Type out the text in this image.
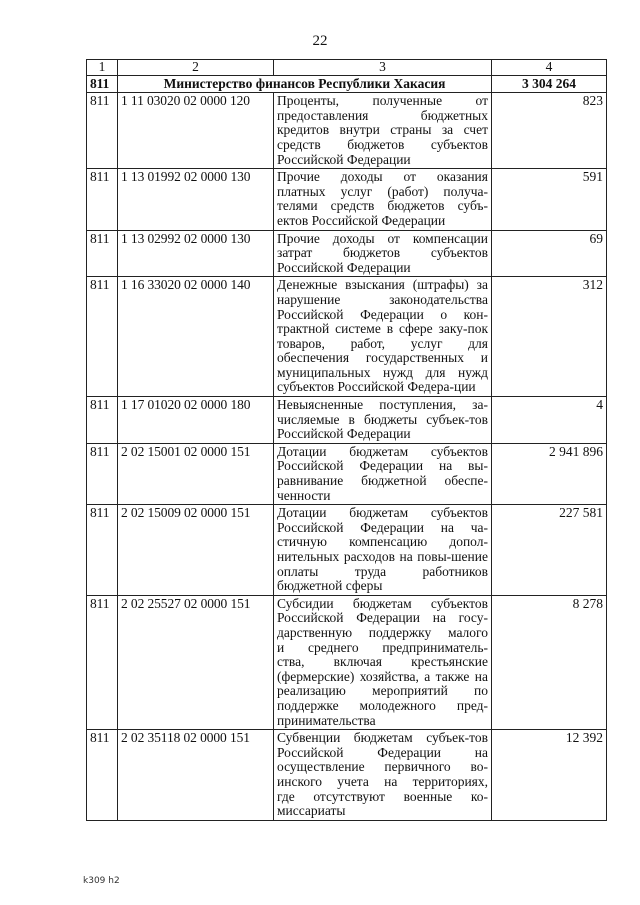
22
1	2	3	4
811	Министерство финансов Республики Хакасия		3 304 264
811	1 11 03020 02 0000 120	Проценты,    полученные    от предоставления      бюджетных кредитов внутри страны за счет средств    бюджетов    субъектов Российской Федерации	823
811	1 13 01992 02 0000 130	Прочие  доходы  от  оказания платных  услуг  (работ)  получа-телями средств бюджетов субъ-ектов Российской Федерации	591
811	1 13 02992 02 0000 130	Прочие доходы от компенсации затрат     бюджетов     субъектов Российской Федерации	69
811	1 16 33020 02 0000 140	Денежные взыскания (штрафы) за нарушение законодательства Российской Федерации о кон-трактной системе в сфере заку-пок товаров, работ, услуг для обеспечения государственных и муниципальных нужд для нужд субъектов Российской Федера-ции	312
811	1 17 01020 02 0000 180	Невыясненные поступления, за-числяемые в бюджеты субъек-тов Российской Федерации	4
811	2 02 15001 02 0000 151	Дотации   бюджетам   субъектов Российской  Федерации  на  вы-равнивание бюджетной обеспе-ченности	2 941 896
811	2 02 15009 02 0000 151	Дотации   бюджетам   субъектов Российской   Федерации   на   ча-стичную компенсацию допол-нительных расходов на повы-шение оплаты труда работников бюджетной сферы	227 581
811	2 02 25527 02 0000 151	Субсидии бюджетам субъектов Российской Федерации на госу-дарственную поддержку малого и   среднего   предприниматель-ства,    включая    крестьянские (фермерские) хозяйства, а также на реализацию мероприятий по поддержке молодежного пред-принимательства	8 278
811	2 02 35118 02 0000 151	Субвенции бюджетам субъек-тов Российской Федерации на осуществление первичного во-инского учета на территориях, где  отсутствуют  военные  ко-миссариаты	12 392
k309 h2
